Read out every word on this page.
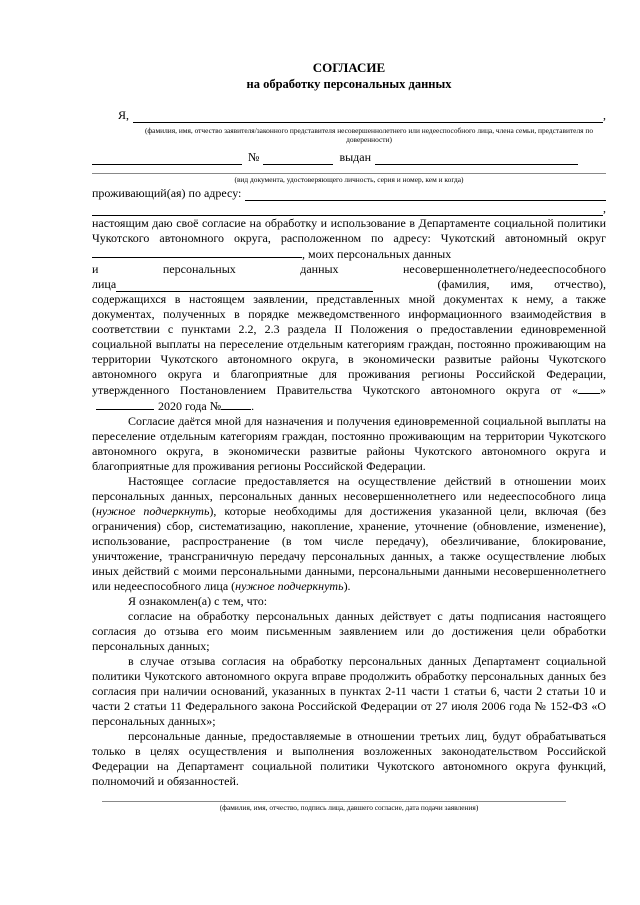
СОГЛАСИЕ
на обработку персональных данных
Я,	,
(фамилия, имя, отчество заявителя/законного представителя несовершеннолетнего или недееспособного лица, члена семьи, представителя по доверенности)
№	выдан
(вид документа, удостоверяющего личность, серия и номер, кем и когда)
проживающий(ая) по адресу:
,

настоящим даю своё согласие на обработку и использование в Департаменте социальной политики Чукотского автономного округа, расположенном по адресу: Чукотский автономный округ, моих персональных данных

и персональных данных несовершеннолетнего/недееспособного
лица	(фамилия, имя, отчество),

содержащихся в настоящем заявлении, представленных мной документах к нему, а также документах, полученных в порядке межведомственного информационного взаимодействия в соответствии с пунктами 2.2, 2.3 раздела II Положения о предоставлении единовременной социальной выплаты на переселение отдельным категориям граждан, постоянно проживающим на территории Чукотского автономного округа, в экономически развитые районы Чукотского автономного округа и благоприятные для проживания регионы Российской Федерации, утвержденного Постановлением Правительства Чукотского автономного округа от « »2020 года №	.

Согласие даётся мной для назначения и получения единовременной социальной выплаты на переселение отдельным категориям граждан, постоянно проживающим на территории Чукотского автономного округа, в экономически развитые районы Чукотского автономного округа и благоприятные для проживания регионы Российской Федерации.

Настоящее согласие предоставляется на осуществление действий в отношении моих персональных данных, персональных данных несовершеннолетнего или недееспособного лица (нужное подчеркнуть), которые необходимы для достижения указанной цели, включая (без ограничения) сбор, систематизацию, накопление, хранение, уточнение (обновление, изменение), использование, распространение (в том числе передачу), обезличивание, блокирование, уничтожение, трансграничную передачу персональных данных, а также осуществление любых иных действий с моими персональными данными, персональными данными несовершеннолетнего или недееспособного лица (нужное подчеркнуть).

Я ознакомлен(а) с тем, что:

согласие на обработку персональных данных действует с даты подписания настоящего согласия до отзыва его моим письменным заявлением или до достижения цели обработки персональных данных;

в случае отзыва согласия на обработку персональных данных Департамент социальной политики Чукотского автономного округа вправе продолжить обработку персональных данных без согласия при наличии оснований, указанных в пунктах 2-11 части 1 статьи 6, части 2 статьи 10 и части 2 статьи 11 Федерального закона Российской Федерации от 27 июля 2006 года № 152-ФЗ «О персональных данных»;

персональные данные, предоставляемые в отношении третьих лиц, будут обрабатываться только в целях осуществления и выполнения возложенных законодательством Российской Федерации на Департамент социальной политики Чукотского автономного округа функций, полномочий и обязанностей.

(фамилия, имя, отчество, подпись лица, давшего согласие, дата подачи заявления)
